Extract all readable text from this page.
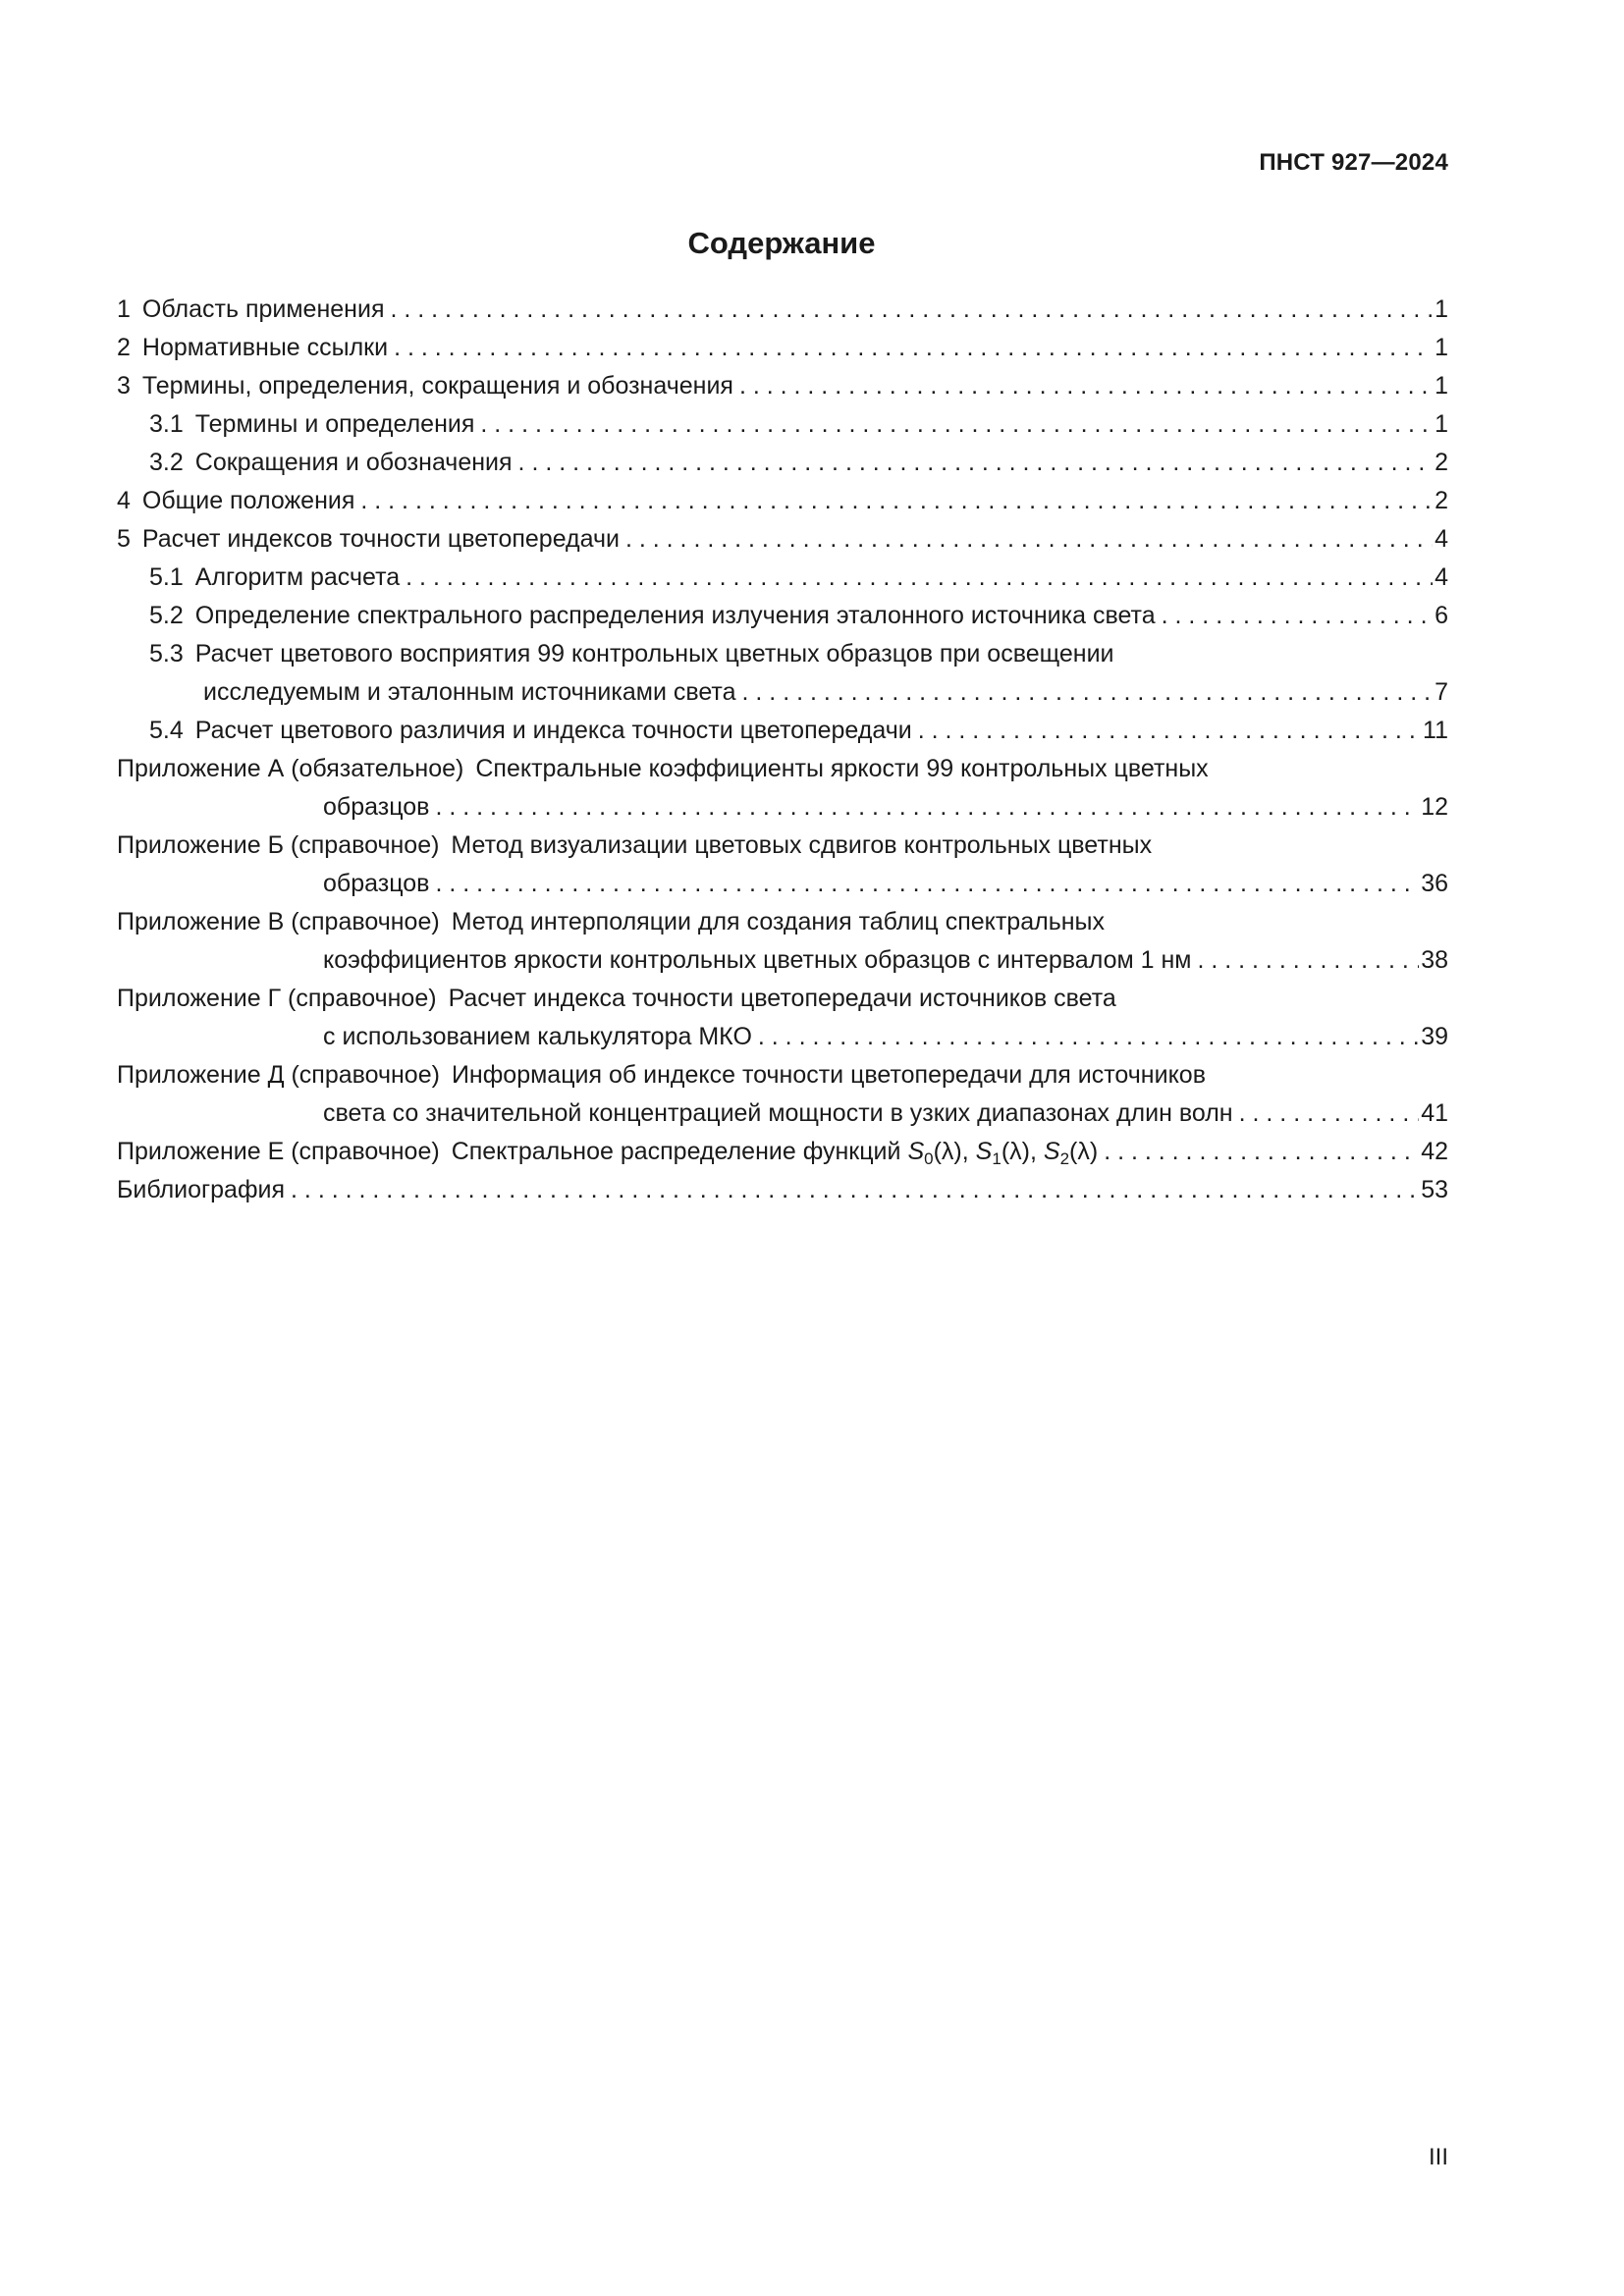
ПНСТ 927—2024
Содержание
1 Область применения . . .	1
2 Нормативные ссылки . . .	1
3 Термины, определения, сокращения и обозначения . . .	1
3.1 Термины и определения . . .	1
3.2 Сокращения и обозначения . . .	2
4 Общие положения . . .	2
5 Расчет индексов точности цветопередачи . . .	4
5.1 Алгоритм расчета . . .	4
5.2 Определение спектрального распределения излучения эталонного источника света . . .	6
5.3 Расчет цветового восприятия 99 контрольных цветных образцов при освещении
исследуемым и эталонным источниками света . . .	7
5.4 Расчет цветового различия и индекса точности цветопередачи . . .	11
Приложение А (обязательное) Спектральные коэффициенты яркости 99 контрольных цветных
образцов . . .	12
Приложение Б (справочное) Метод визуализации цветовых сдвигов контрольных цветных
образцов . . .	36
Приложение В (справочное) Метод интерполяции для создания таблиц спектральных
коэффициентов яркости контрольных цветных образцов с интервалом 1 нм . . .	38
Приложение Г (справочное) Расчет индекса точности цветопередачи источников света
с использованием калькулятора МКО . . .	39
Приложение Д (справочное) Информация об индексе точности цветопередачи для источников
света со значительной концентрацией мощности в узких диапазонах длин волн . . .	41
Приложение Е (справочное) Спектральное распределение функций $S_0(\lambda)$, $S_1(\lambda)$, $S_2(\lambda)$ . . .	42
Библиография . . .	53
III
